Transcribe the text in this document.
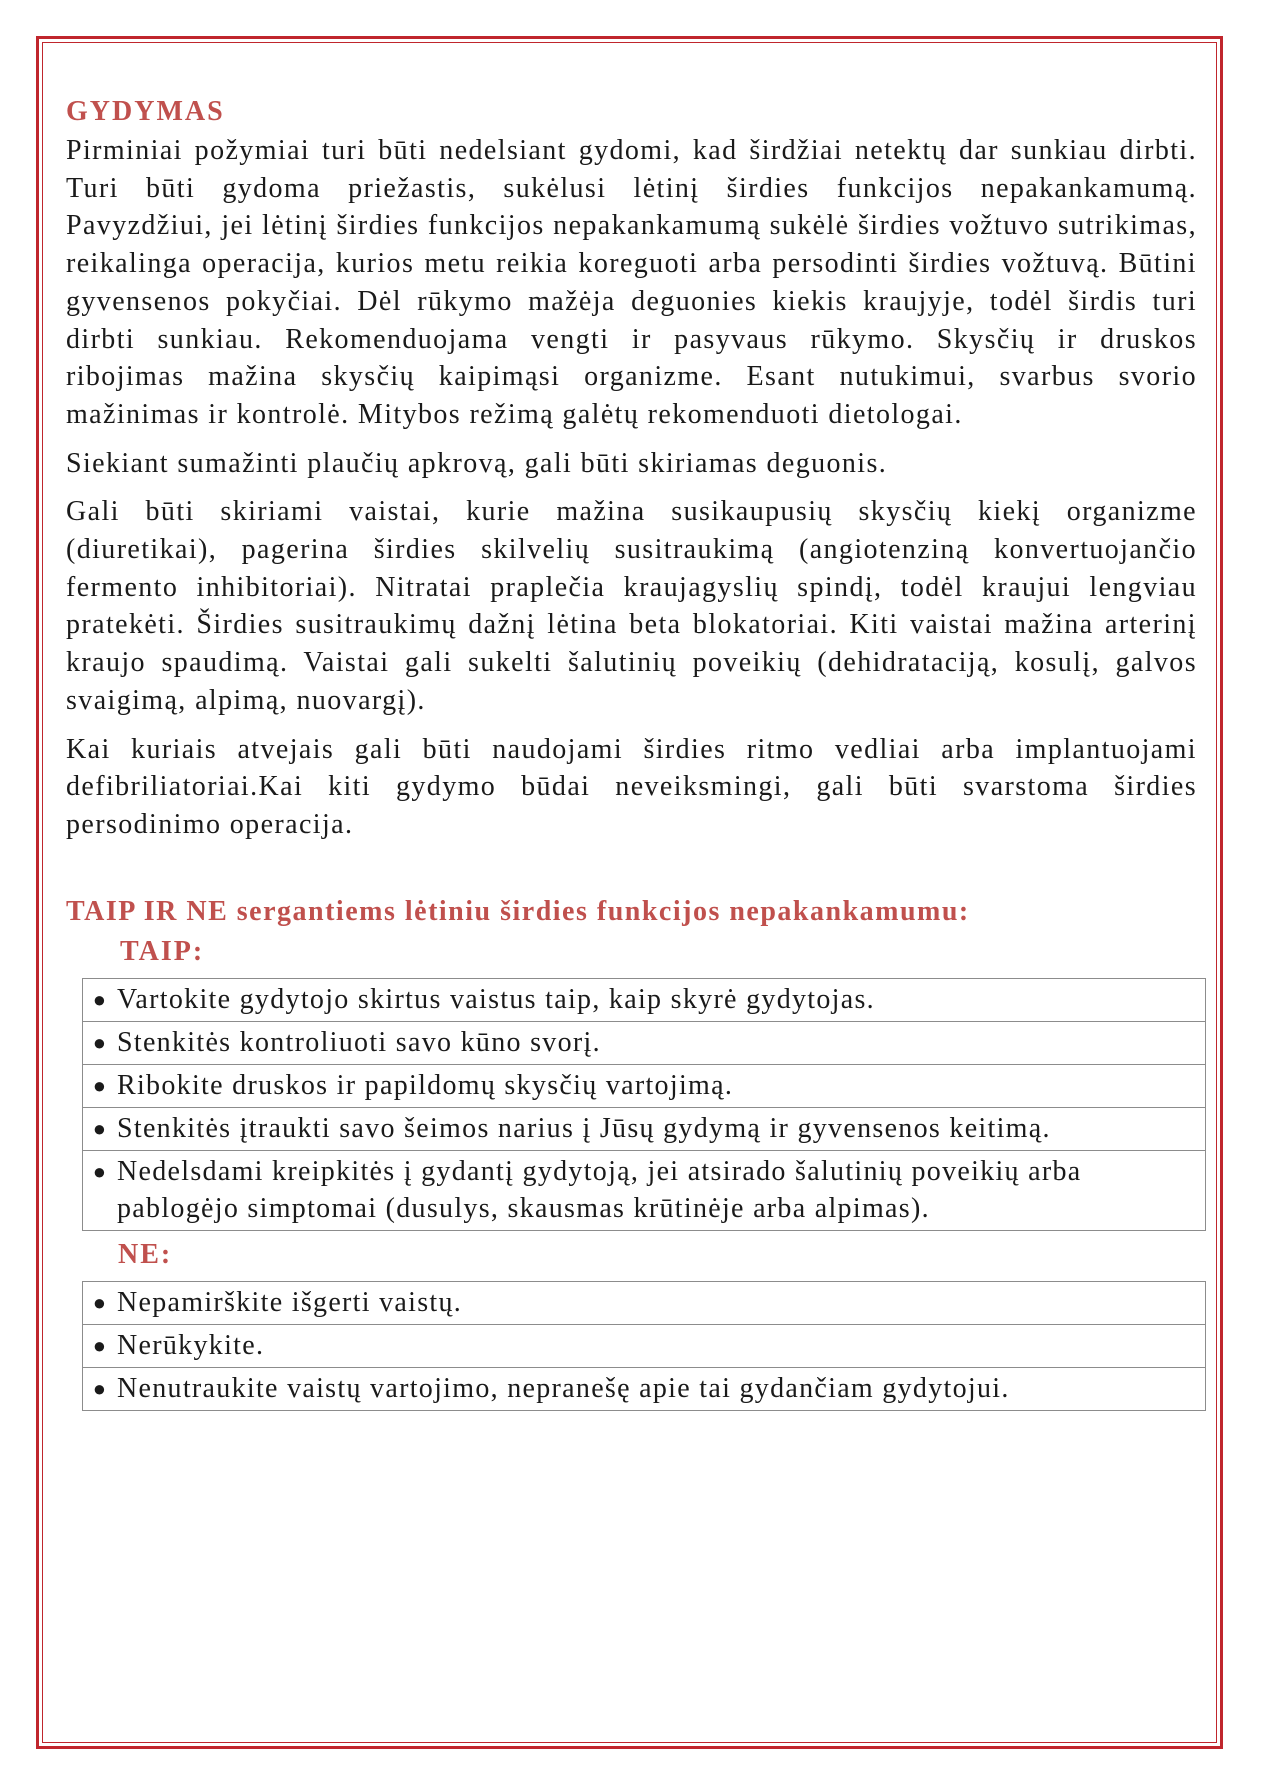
GYDYMAS

Pirminiai požymiai turi būti nedelsiant gydomi, kad širdžiai netektų dar sunkiau dirbti. Turi būti gydoma priežastis, sukėlusi lėtinį širdies funkcijos nepakankamumą. Pavyzdžiui, jei lėtinį širdies funkcijos nepakankamumą sukėlė širdies vožtuvo sutrikimas, reikalinga operacija, kurios metu reikia koreguoti arba persodinti širdies vožtuvą. Būtini gyvensenos pokyčiai. Dėl rūkymo mažėja deguonies kiekis kraujyje, todėl širdis turi dirbti sunkiau. Rekomenduojama vengti ir pasyvaus rūkymo. Skysčių ir druskos ribojimas mažina skysčių kaipimąsi organizme. Esant nutukimui, svarbus svorio mažinimas ir kontrolė. Mitybos režimą galėtų rekomenduoti dietologai.

Siekiant sumažinti plaučių apkrovą, gali būti skiriamas deguonis.

Gali būti skiriami vaistai, kurie mažina susikaupusių skysčių kiekį organizme (diuretikai), pagerina širdies skilvelių susitraukimą (angiotenziną konvertuojančio fermento inhibitoriai). Nitratai praplečia kraujagyslių spindį, todėl kraujui lengviau pratekėti. Širdies susitraukimų dažnį lėtina beta blokatoriai. Kiti vaistai mažina arterinį kraujo spaudimą. Vaistai gali sukelti šalutinių poveikių (dehidrataciją, kosulį, galvos svaigimą, alpimą, nuovargį).

Kai kuriais atvejais gali būti naudojami širdies ritmo vedliai arba implantuojami defibriliatoriai.Kai kiti gydymo būdai neveiksmingi, gali būti svarstoma širdies persodinimo operacija.

TAIP IR NE sergantiems lėtiniu širdies funkcijos nepakankamumu:
TAIP:
● Vartokite gydytojo skirtus vaistus taip, kaip skyrė gydytojas.
● Stenkitės kontroliuoti savo kūno svorį.
● Ribokite druskos ir papildomų skysčių vartojimą.
● Stenkitės įtraukti savo šeimos narius į Jūsų gydymą ir gyvensenos keitimą.
● Nedelsdami kreipkitės į gydantį gydytoją, jei atsirado šalutinių poveikių arba pablogėjo simptomai (dusulys, skausmas krūtinėje arba alpimas).
NE:
● Nepamirškite išgerti vaistų.
● Nerūkykite.
● Nenutraukite vaistų vartojimo, nepranešę apie tai gydančiam gydytojui.
